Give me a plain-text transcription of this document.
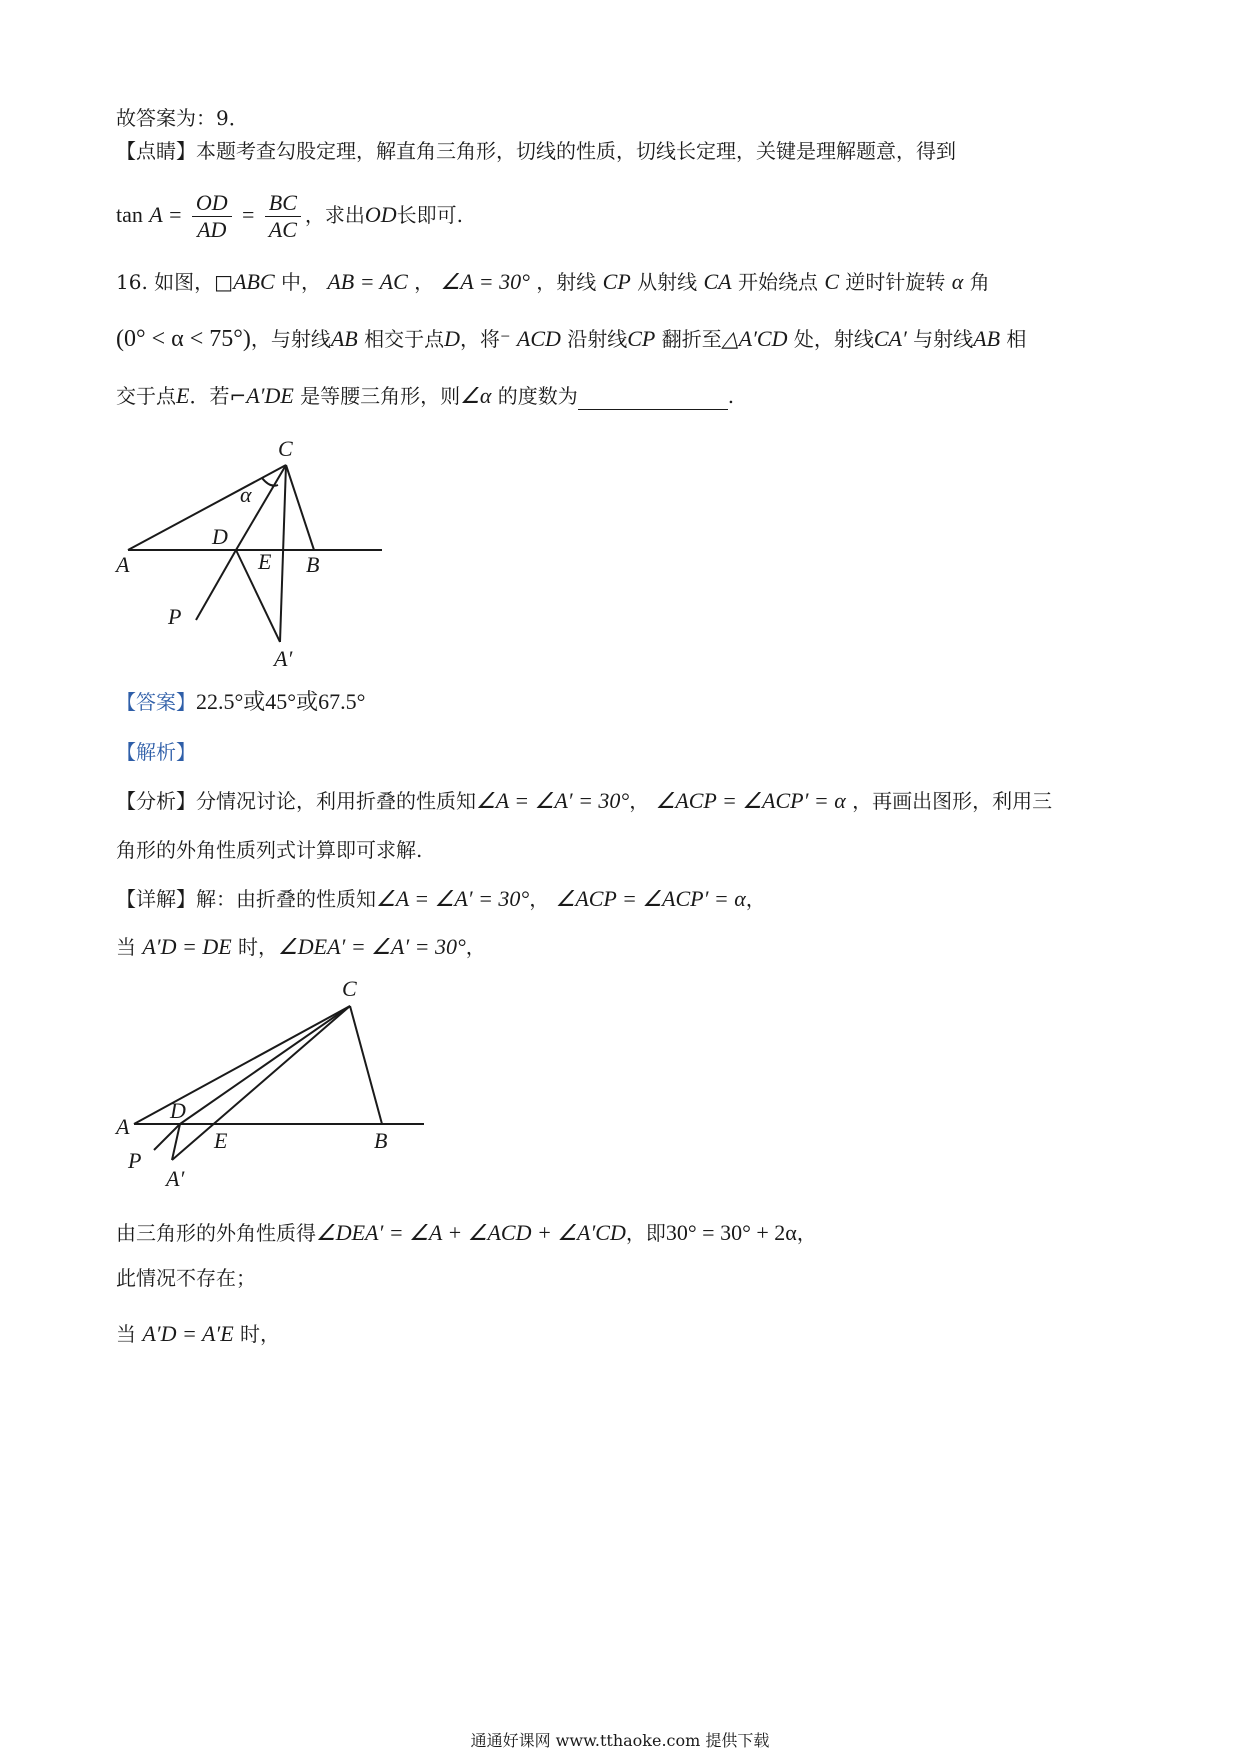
故答案为：9．
【点睛】本题考查勾股定理，解直角三角形，切线的性质，切线长定理，关键是理解题意，得到
$\tan A = \frac{OD}{AD} = \frac{BC}{AC}$ ，求出OD长即可.
16. 如图，□ABC 中， AB = AC ， ∠A = 30° ，射线 CP 从射线 CA 开始绕点 C 逆时针旋转 α 角
(0° < α < 75°)，与射线AB 相交于点D，将⁻ ACD 沿射线CP 翻折至△A′CD 处，射线CA′ 与射线AB 相
交于点E．若⌐A′DE 是等腰三角形，则∠α 的度数为	.
C
α
D
A	E B
P
A′
【答案】22.5°或45°或67.5°
【解析】
【分析】分情况讨论，利用折叠的性质知∠A = ∠A′ = 30°， ∠ACP = ∠ACP′ = α ，再画出图形，利用三
角形的外角性质列式计算即可求解.
【详解】解：由折叠的性质知∠A = ∠A′ = 30°， ∠ACP = ∠ACP′ = α，
当 A′D = DE 时，∠DEA′ = ∠A′ = 30°，
C
A
D
P
E	B
A′
由三角形的外角性质得∠DEA′ = ∠A + ∠ACD + ∠A′CD，即30° = 30° + 2α，
此情况不存在；
当 A′D = A′E 时，
通通好课网 www.tthaoke.com 提供下载
